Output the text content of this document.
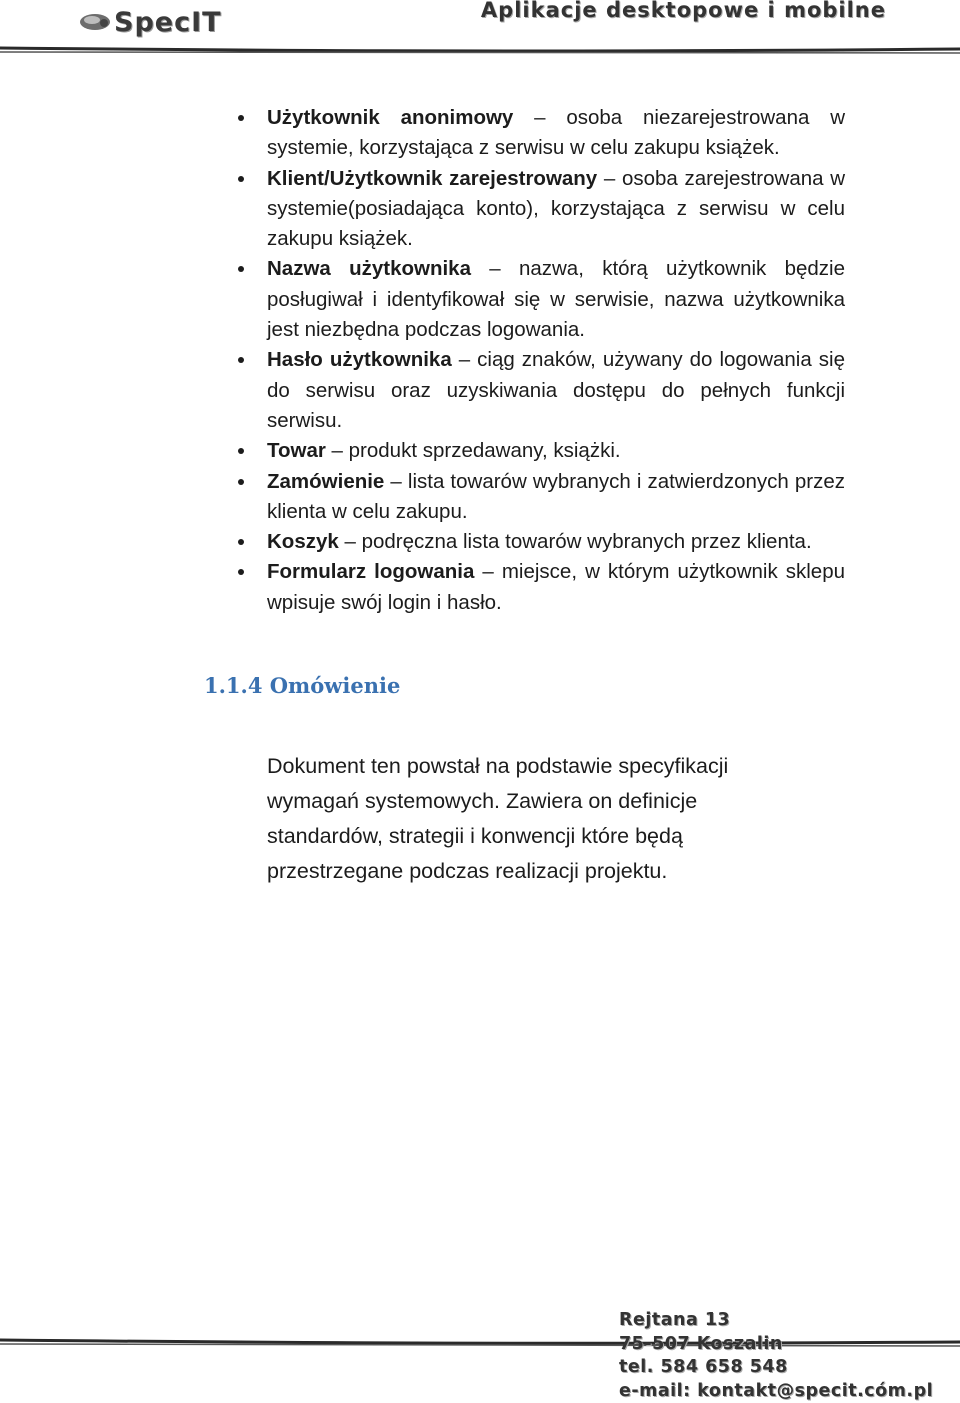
SpecIT	Aplikacje desktopowe i mobilne
Użytkownik anonimowy – osoba niezarejestrowana w systemie, korzystająca z serwisu w celu zakupu książek.
Klient/Użytkownik zarejestrowany – osoba zarejestrowana w systemie(posiadająca konto), korzystająca z serwisu w celu zakupu książek.
Nazwa użytkownika – nazwa, którą użytkownik będzie posługiwał i identyfikował się w serwisie, nazwa użytkownika jest niezbędna podczas logowania.
Hasło użytkownika – ciąg znaków, używany do logowania się do serwisu oraz uzyskiwania dostępu do pełnych funkcji serwisu.
Towar – produkt sprzedawany, książki.
Zamówienie – lista towarów wybranych i zatwierdzonych przez klienta w celu zakupu.
Koszyk – podręczna lista towarów wybranych przez klienta.
Formularz logowania – miejsce, w którym użytkownik sklepu wpisuje swój login i hasło.
1.1.4 Omówienie

Dokument ten powstał na podstawie specyfikacji wymagań systemowych. Zawiera on definicje standardów, strategii i konwencji które będą przestrzegane podczas realizacji projektu.

Rejtana 13
75-507 Koszalin
tel. 584 658 548
e-mail: kontakt@specit.cóm.pl
